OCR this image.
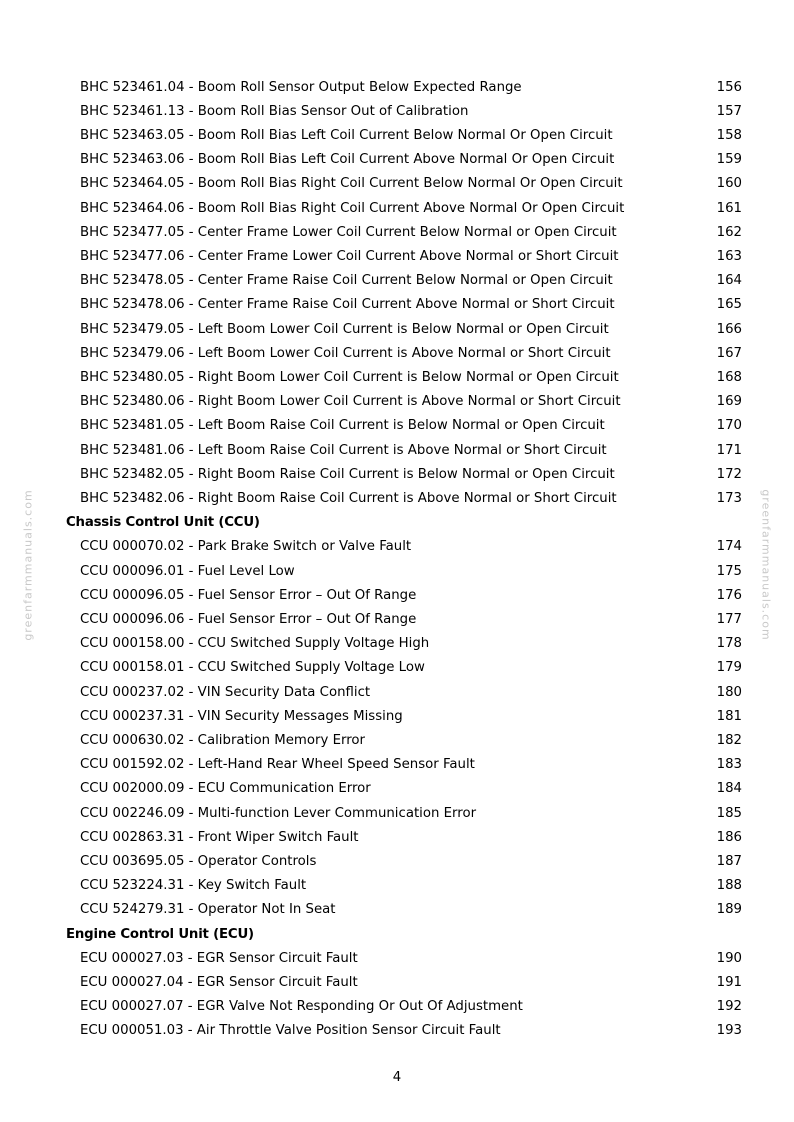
BHC 523461.04 - Boom Roll Sensor Output Below Expected Range	156
BHC 523461.13 - Boom Roll Bias Sensor Out of Calibration	157
BHC 523463.05 - Boom Roll Bias Left Coil Current Below Normal Or Open Circuit	158
BHC 523463.06 - Boom Roll Bias Left Coil Current Above Normal Or Open Circuit	159
BHC 523464.05 - Boom Roll Bias Right Coil Current Below Normal Or Open Circuit	160
BHC 523464.06 - Boom Roll Bias Right Coil Current Above Normal Or Open Circuit	161
BHC 523477.05 - Center Frame Lower Coil Current Below Normal or Open Circuit	162
BHC 523477.06 - Center Frame Lower Coil Current Above Normal or Short Circuit	163
BHC 523478.05 - Center Frame Raise Coil Current Below Normal or Open Circuit	164
BHC 523478.06 - Center Frame Raise Coil Current Above Normal or Short Circuit	165
BHC 523479.05 - Left Boom Lower Coil Current is Below Normal or Open Circuit	166
BHC 523479.06 - Left Boom Lower Coil Current is Above Normal or Short Circuit	167
BHC 523480.05 - Right Boom Lower Coil Current is Below Normal or Open Circuit	168
BHC 523480.06 - Right Boom Lower Coil Current is Above Normal or Short Circuit	169
BHC 523481.05 - Left Boom Raise Coil Current is Below Normal or Open Circuit	170
BHC 523481.06 - Left Boom Raise Coil Current is Above Normal or Short Circuit	171
BHC 523482.05 - Right Boom Raise Coil Current is Below Normal or Open Circuit	172
BHC 523482.06 - Right Boom Raise Coil Current is Above Normal or Short Circuit	173
Chassis Control Unit (CCU)
CCU 000070.02 - Park Brake Switch or Valve Fault	174
CCU 000096.01 - Fuel Level Low	175
CCU 000096.05 - Fuel Sensor Error – Out Of Range	176
CCU 000096.06 - Fuel Sensor Error – Out Of Range	177
CCU 000158.00 - CCU Switched Supply Voltage High	178
CCU 000158.01 - CCU Switched Supply Voltage Low	179
CCU 000237.02 - VIN Security Data Conflict	180
CCU 000237.31 - VIN Security Messages Missing	181
CCU 000630.02 - Calibration Memory Error	182
CCU 001592.02 - Left-Hand Rear Wheel Speed Sensor Fault	183
CCU 002000.09 - ECU Communication Error	184
CCU 002246.09 - Multi-function Lever Communication Error	185
CCU 002863.31 - Front Wiper Switch Fault	186
CCU 003695.05 - Operator Controls	187
CCU 523224.31 - Key Switch Fault	188
CCU 524279.31 - Operator Not In Seat	189
Engine Control Unit (ECU)
ECU 000027.03 - EGR Sensor Circuit Fault	190
ECU 000027.04 - EGR Sensor Circuit Fault	191
ECU 000027.07 - EGR Valve Not Responding Or Out Of Adjustment	192
ECU 000051.03 - Air Throttle Valve Position Sensor Circuit Fault	193
4
greenfarmmanuals.com	greenfarmmanuals.com
